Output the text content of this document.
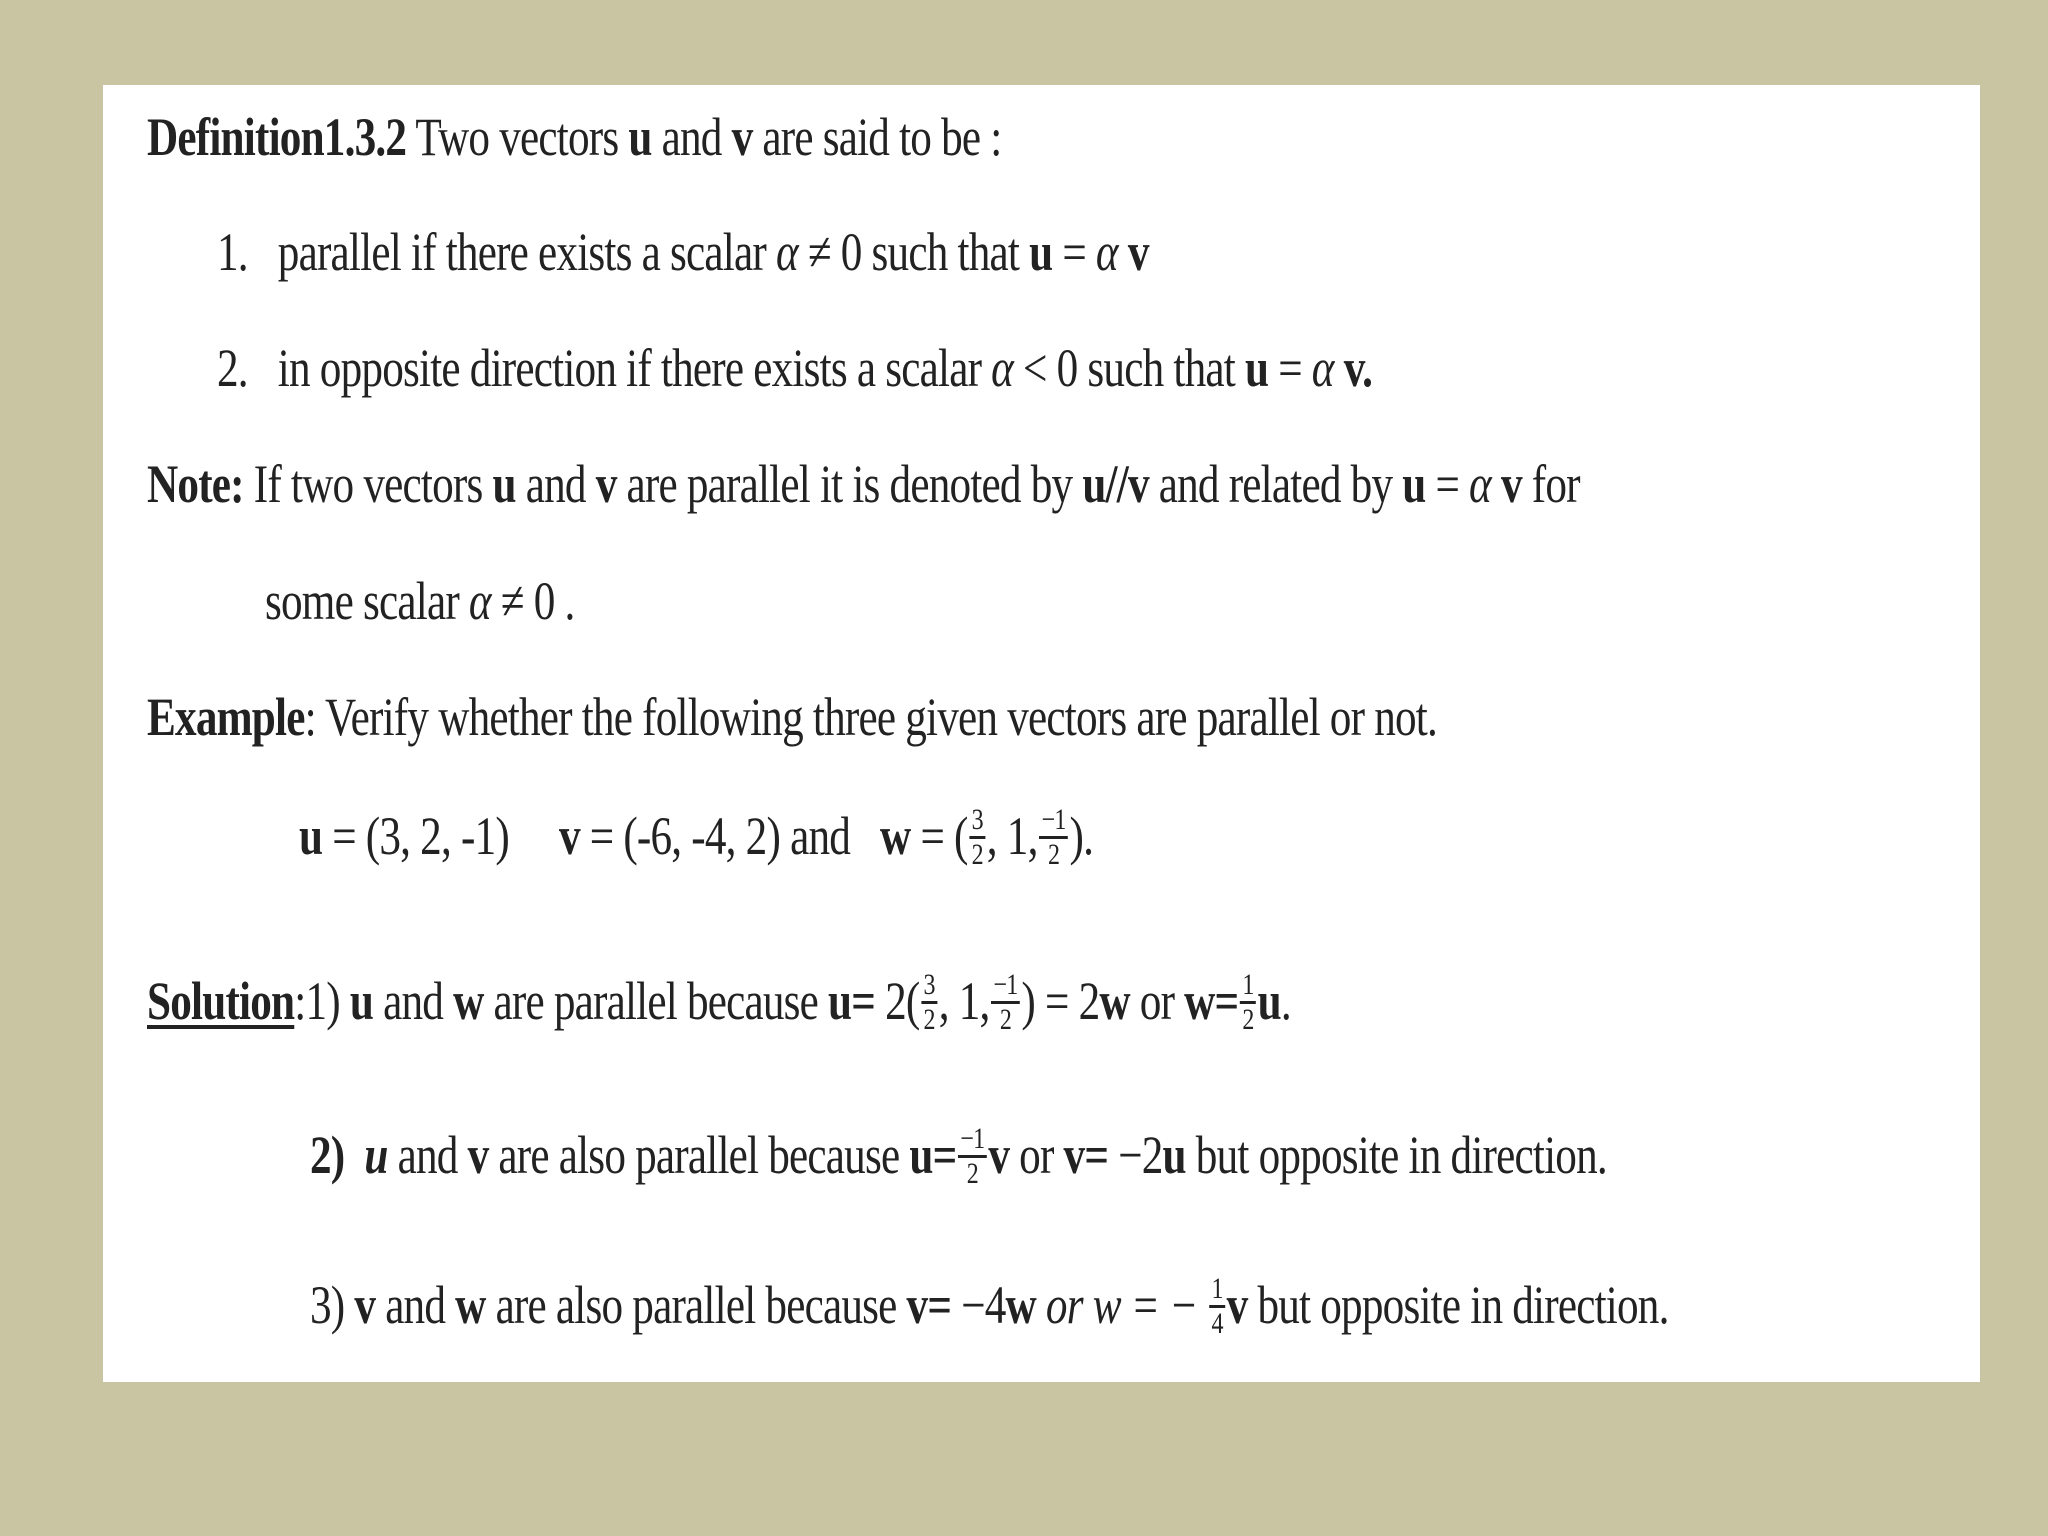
Definition1.3.2 Two vectors u and v are said to be :
1. parallel if there exists a scalar α ≠ 0 such that u = α v
2. in opposite direction if there exists a scalar α < 0 such that u = α v.
Note: If two vectors u and v are parallel it is denoted by u//v and related by u = α v for
some scalar α ≠ 0 .
Example: Verify whether the following three given vectors are parallel or not.
u = (3, 2, -1) v = (-6, -4, 2) and w = ( $\frac{3}{2}$ , 1, $\frac{-1}{2}$ ).
Solution:1) u and w are parallel because $u= 2( \frac{3}{2}$ , 1, $\frac{-1}{2}$ ) = 2w or $w= \frac{1}{2} u$.
2) u and v are also parallel because $u= \frac{-1}{2}$ v or v= −2u but opposite in direction.
3) v and w are also parallel because v= −4w or w = − $\frac{1}{4}$ v but opposite in direction.
